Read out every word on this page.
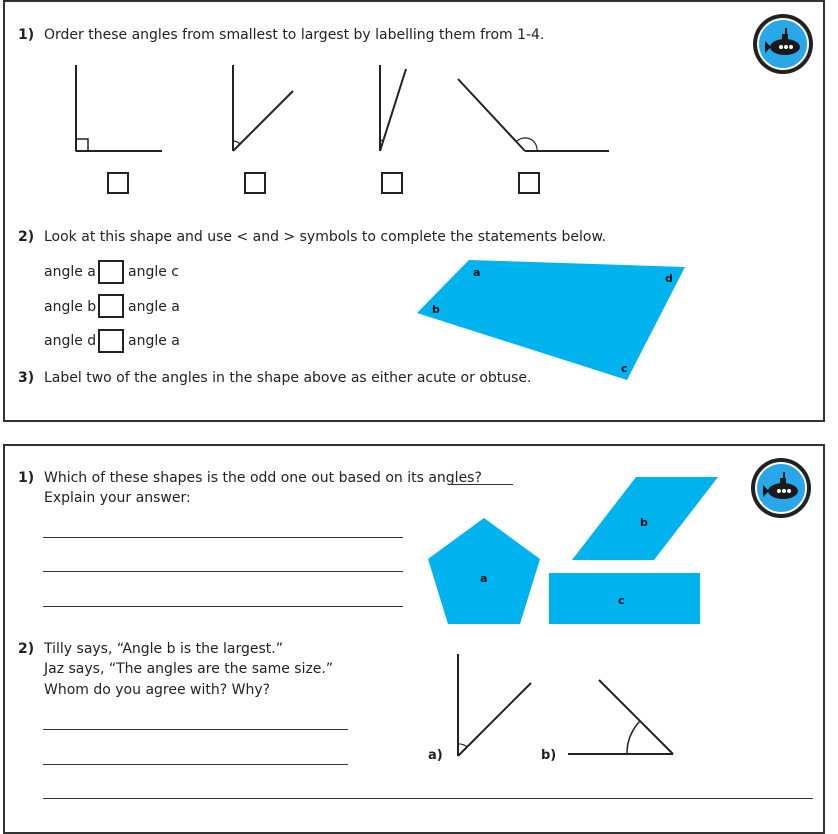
1) Order these angles from smallest to largest by labelling them from 1-4.
2) Look at this shape and use < and > symbols to complete the statements below.
angle a angle c
angle b angle a
angle d angle a
a	d
b
c
3) Label two of the angles in the shape above as either acute or obtuse.
1) Which of these shapes is the odd one out based on its angles?
Explain your answer:
a
b
c
2) Tilly says, “Angle b is the largest.”
Jaz says, “The angles are the same size.”
Whom do you agree with? Why?
a)	b)
